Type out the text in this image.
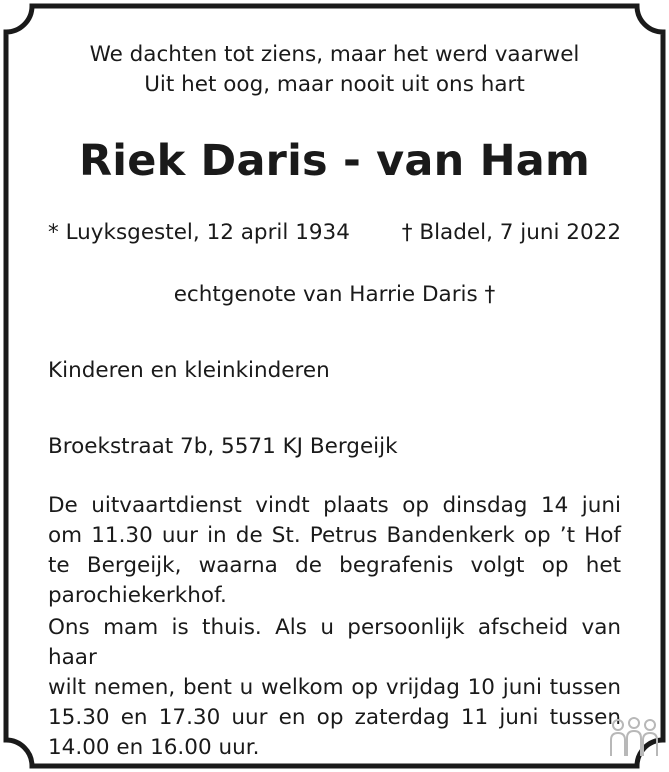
We dachten tot ziens, maar het werd vaarwel
Uit het oog, maar nooit uit ons hart
Riek Daris - van Ham
* Luyksgestel, 12 april 1934 † Bladel, 7 juni 2022
echtgenote van Harrie Daris †
Kinderen en kleinkinderen
Broekstraat 7b, 5571 KJ Bergeijk
De uitvaartdienst vindt plaats op dinsdag 14 juni
om 11.30 uur in de St. Petrus Bandenkerk op ’t Hof
te Bergeijk, waarna de begrafenis volgt op het
parochiekerkhof.
Ons mam is thuis. Als u persoonlijk afscheid van haar
wilt nemen, bent u welkom op vrijdag 10 juni tussen
15.30 en 17.30 uur en op zaterdag 11 juni tussen
14.00 en 16.00 uur.
